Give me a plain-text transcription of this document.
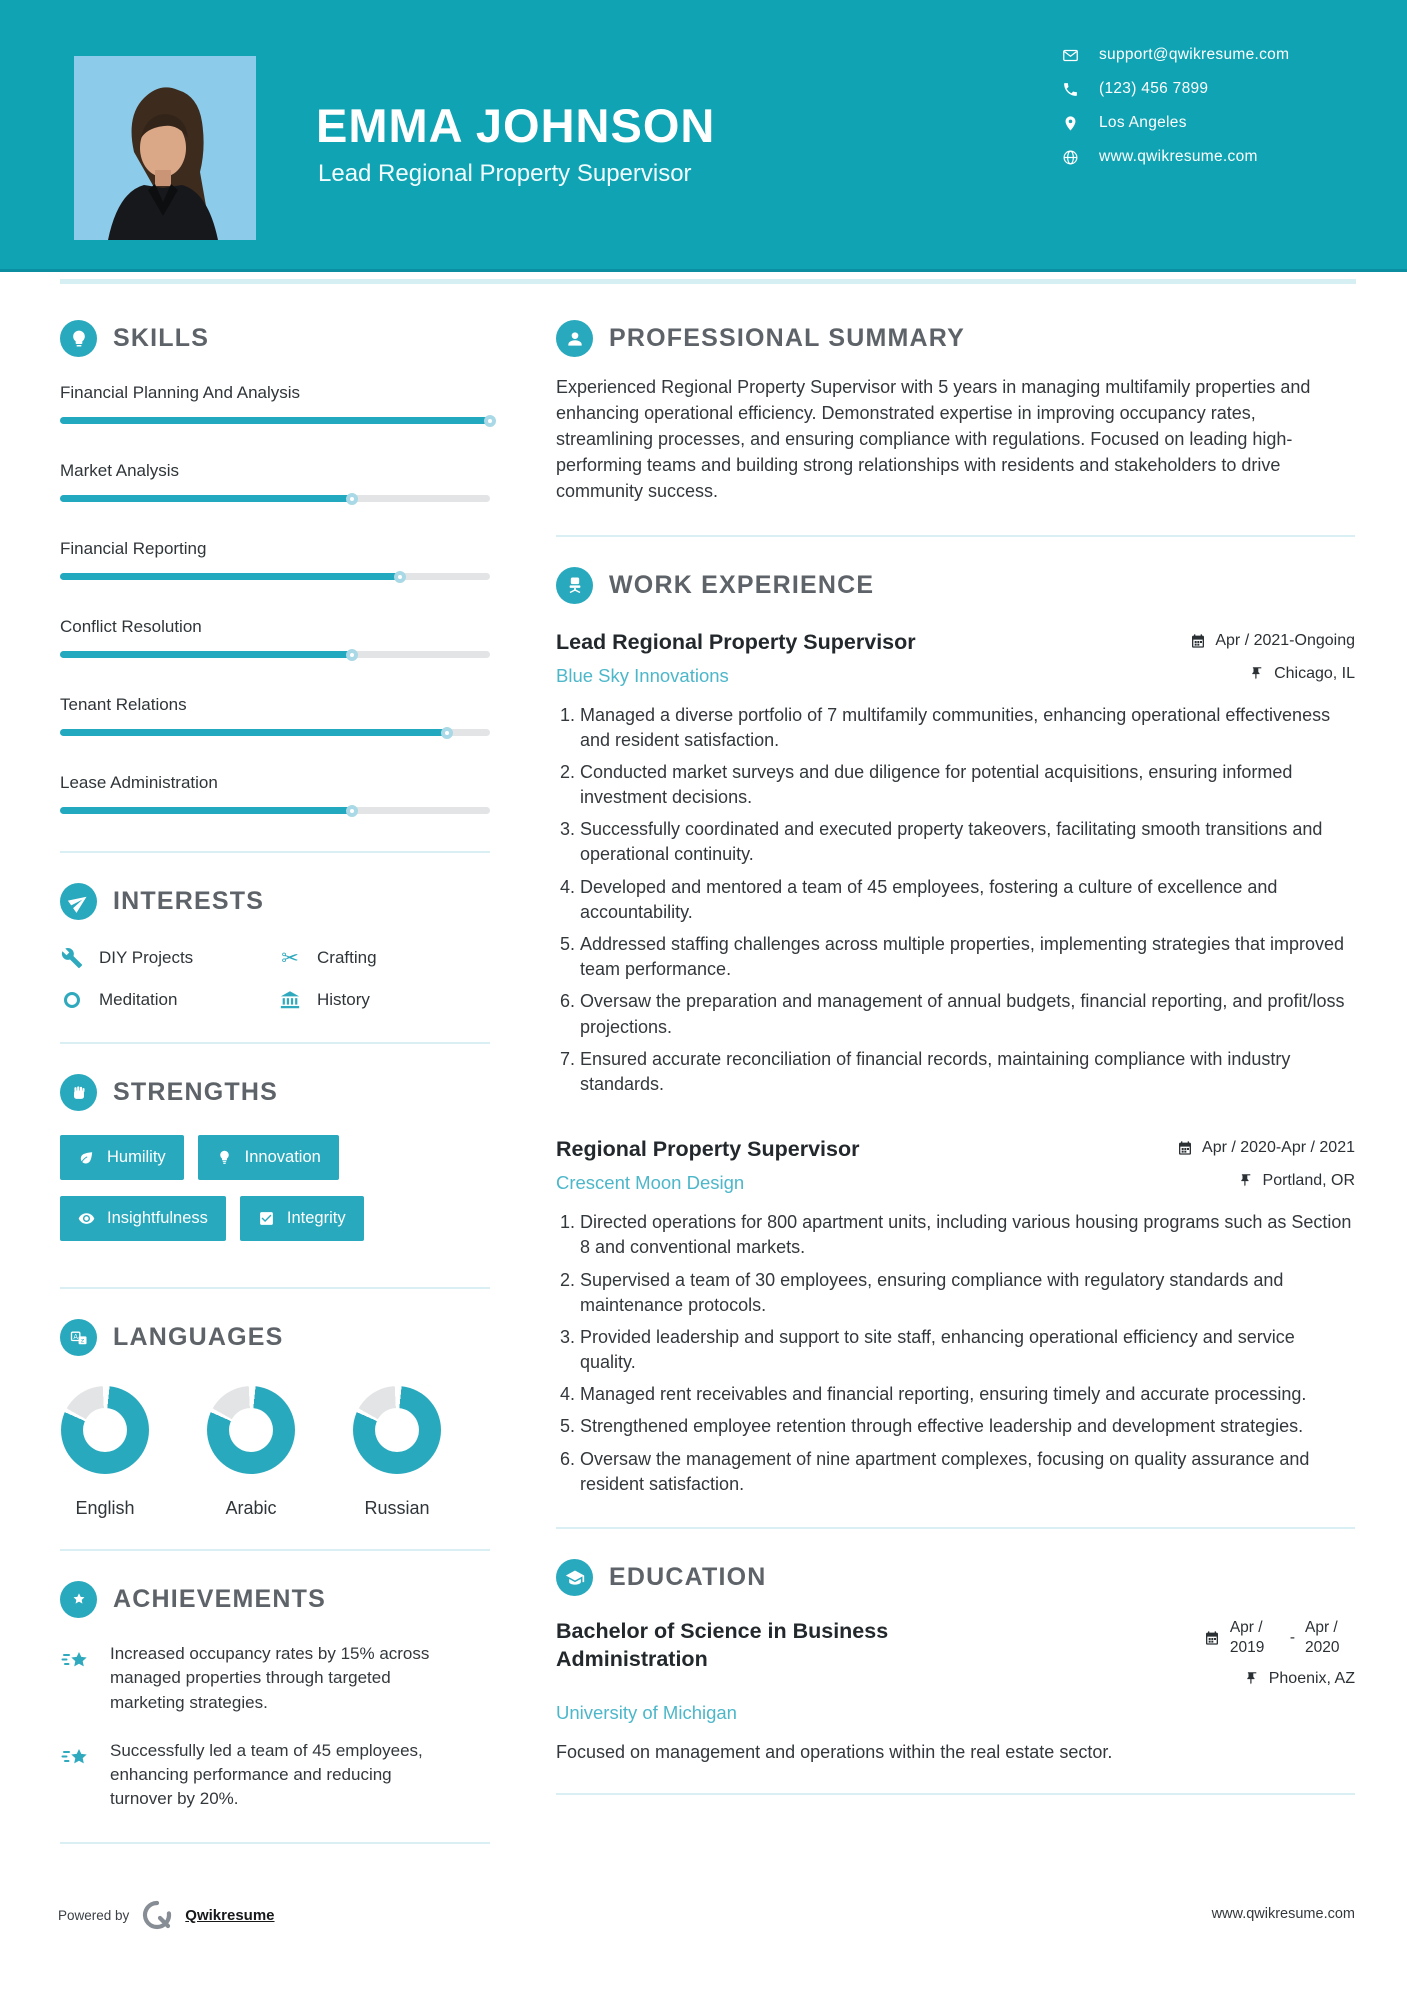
EMMA JOHNSON
Lead Regional Property Supervisor
support@qwikresume.com
(123) 456 7899
Los Angeles
www.qwikresume.com
SKILLS
Financial Planning And Analysis
Market Analysis
Financial Reporting
Conflict Resolution
Tenant Relations
Lease Administration
INTERESTS
DIY Projects	✂ Crafting
Meditation	History
STRENGTHS
Humility	Innovation

Insightfulness	Integrity
A
z LANGUAGES
English	Arabic	Russian
ACHIEVEMENTS
Increased occupancy rates by 15% across managed properties through targeted marketing strategies.
Successfully led a team of 45 employees, enhancing performance and reducing turnover by 20%.
PROFESSIONAL SUMMARY

Experienced Regional Property Supervisor with 5 years in managing multifamily properties and enhancing operational efficiency. Demonstrated expertise in improving occupancy rates, streamlining processes, and ensuring compliance with regulations. Focused on leading high-performing teams and building strong relationships with residents and stakeholders to drive community success.

WORK EXPERIENCE
Lead Regional Property Supervisor	Apr / 2021-Ongoing
Blue Sky Innovations	Chicago, IL
1. Managed a diverse portfolio of 7 multifamily communities, enhancing operational effectiveness and resident satisfaction.
2. Conducted market surveys and due diligence for potential acquisitions, ensuring informed investment decisions.
3. Successfully coordinated and executed property takeovers, facilitating smooth transitions and operational continuity.
4. Developed and mentored a team of 45 employees, fostering a culture of excellence and accountability.
5. Addressed staffing challenges across multiple properties, implementing strategies that improved team performance.
6. Oversaw the preparation and management of annual budgets, financial reporting, and profit/loss projections.
7. Ensured accurate reconciliation of financial records, maintaining compliance with industry standards.
Regional Property Supervisor	Apr / 2020-Apr / 2021
Crescent Moon Design	Portland, OR
1. Directed operations for 800 apartment units, including various housing programs such as Section 8 and conventional markets.
2. Supervised a team of 30 employees, ensuring compliance with regulatory standards and maintenance protocols.
3. Provided leadership and support to site staff, enhancing operational efficiency and service quality.
4. Managed rent receivables and financial reporting, ensuring timely and accurate processing.
5. Strengthened employee retention through effective leadership and development strategies.
6. Oversaw the management of nine apartment complexes, focusing on quality assurance and resident satisfaction.
EDUCATION
Bachelor of Science in Business Administration
Apr / 2019
-
Apr / 2020
Phoenix, AZ
University of Michigan
Focused on management and operations within the real estate sector.
Powered by	Qwikresume	www.qwikresume.com
